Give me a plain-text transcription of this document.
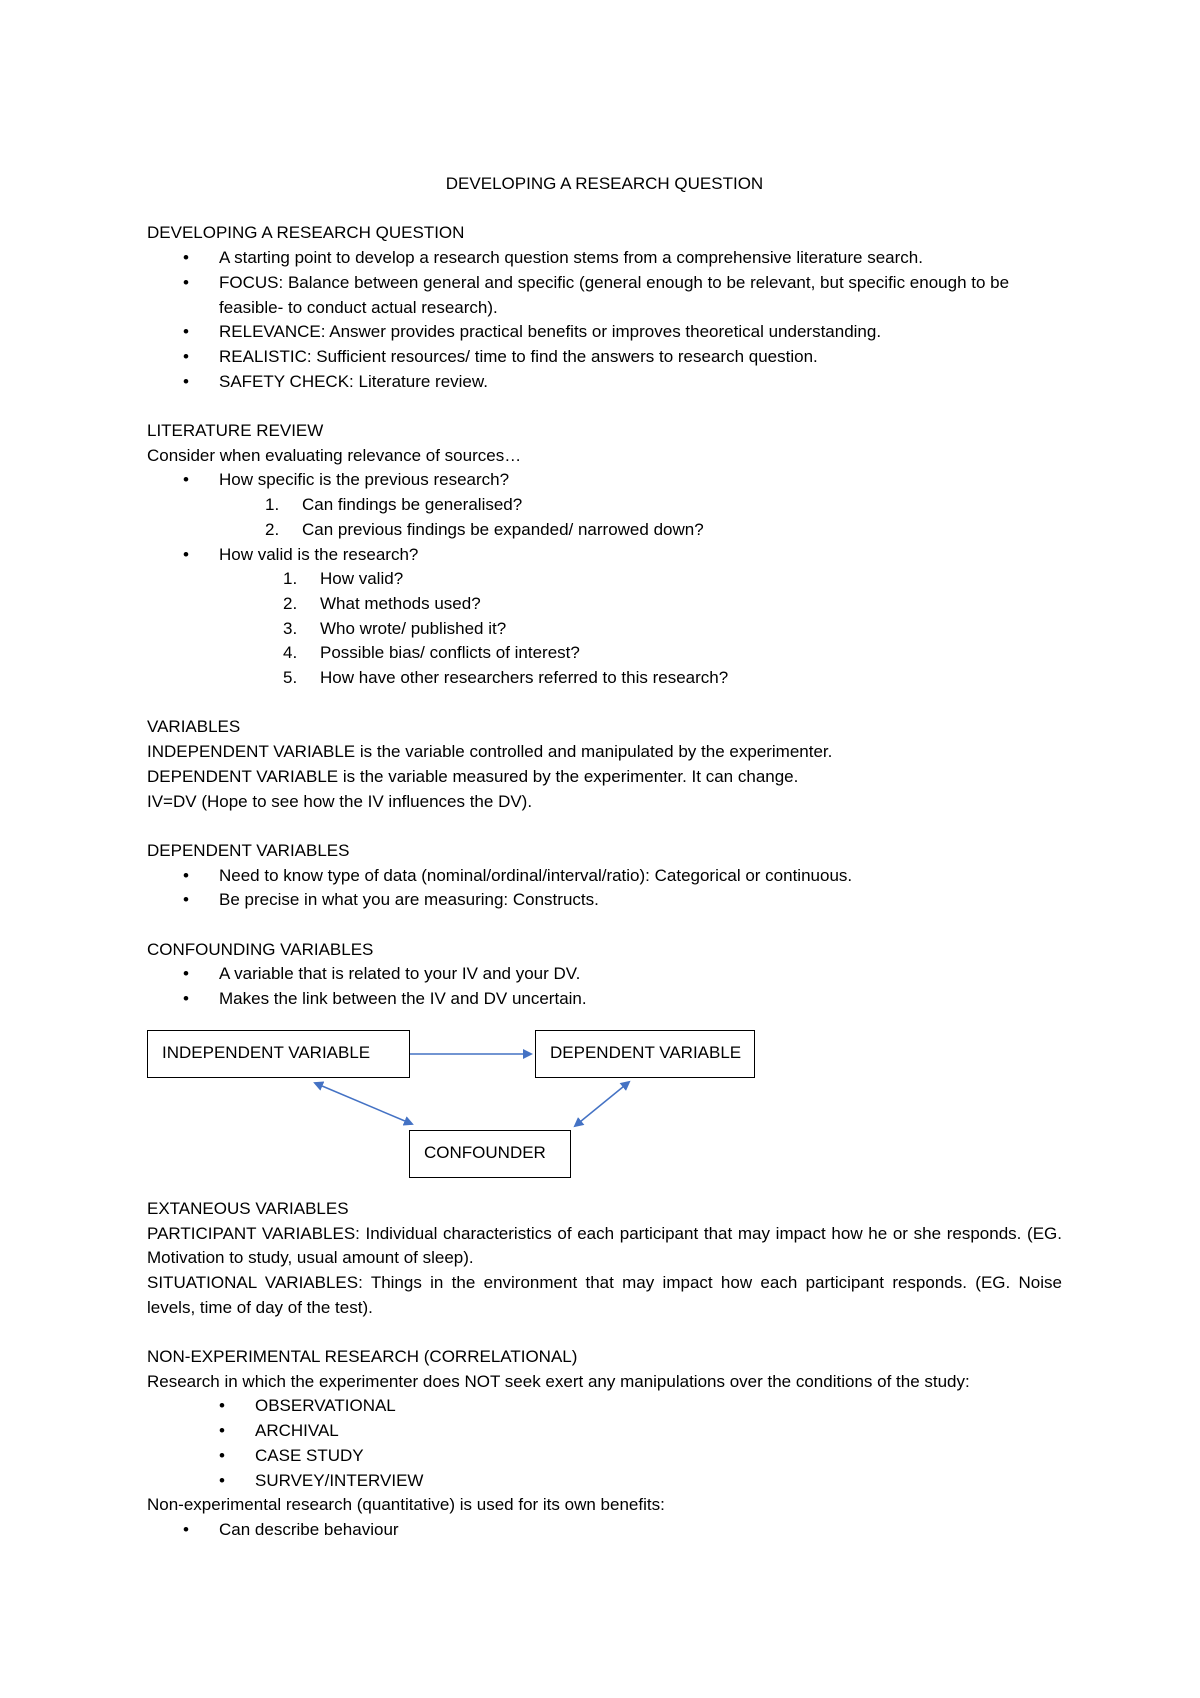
DEVELOPING A RESEARCH QUESTION

DEVELOPING A RESEARCH QUESTION

• A starting point to develop a research question stems from a comprehensive literature search.
• FOCUS: Balance between general and specific (general enough to be relevant, but specific enough to be feasible- to conduct actual research).
• RELEVANCE: Answer provides practical benefits or improves theoretical understanding.
• REALISTIC: Sufficient resources/ time to find the answers to research question.
• SAFETY CHECK: Literature review.

LITERATURE REVIEW

Consider when evaluating relevance of sources…

• How specific is the previous research?
1. Can findings be generalised?
2. Can previous findings be expanded/ narrowed down?
• How valid is the research?
1. How valid?
2. What methods used?
3. Who wrote/ published it?
4. Possible bias/ conflicts of interest?
5. How have other researchers referred to this research?

VARIABLES

INDEPENDENT VARIABLE is the variable controlled and manipulated by the experimenter.

DEPENDENT VARIABLE is the variable measured by the experimenter. It can change.

IV=DV (Hope to see how the IV influences the DV).

DEPENDENT VARIABLES

• Need to know type of data (nominal/ordinal/interval/ratio): Categorical or continuous.
• Be precise in what you are measuring: Constructs.

CONFOUNDING VARIABLES

• A variable that is related to your IV and your DV.
• Makes the link between the IV and DV uncertain.
INDEPENDENT VARIABLE	DEPENDENT VARIABLE
CONFOUNDER

EXTANEOUS VARIABLES

PARTICIPANT VARIABLES: Individual characteristics of each participant that may impact how he or she responds. (EG. Motivation to study, usual amount of sleep).

SITUATIONAL VARIABLES: Things in the environment that may impact how each participant responds. (EG. Noise levels, time of day of the test).

NON-EXPERIMENTAL RESEARCH (CORRELATIONAL)

Research in which the experimenter does NOT seek exert any manipulations over the conditions of the study:

• OBSERVATIONAL
• ARCHIVAL
• CASE STUDY
• SURVEY/INTERVIEW

Non-experimental research (quantitative) is used for its own benefits:

• Can describe behaviour
